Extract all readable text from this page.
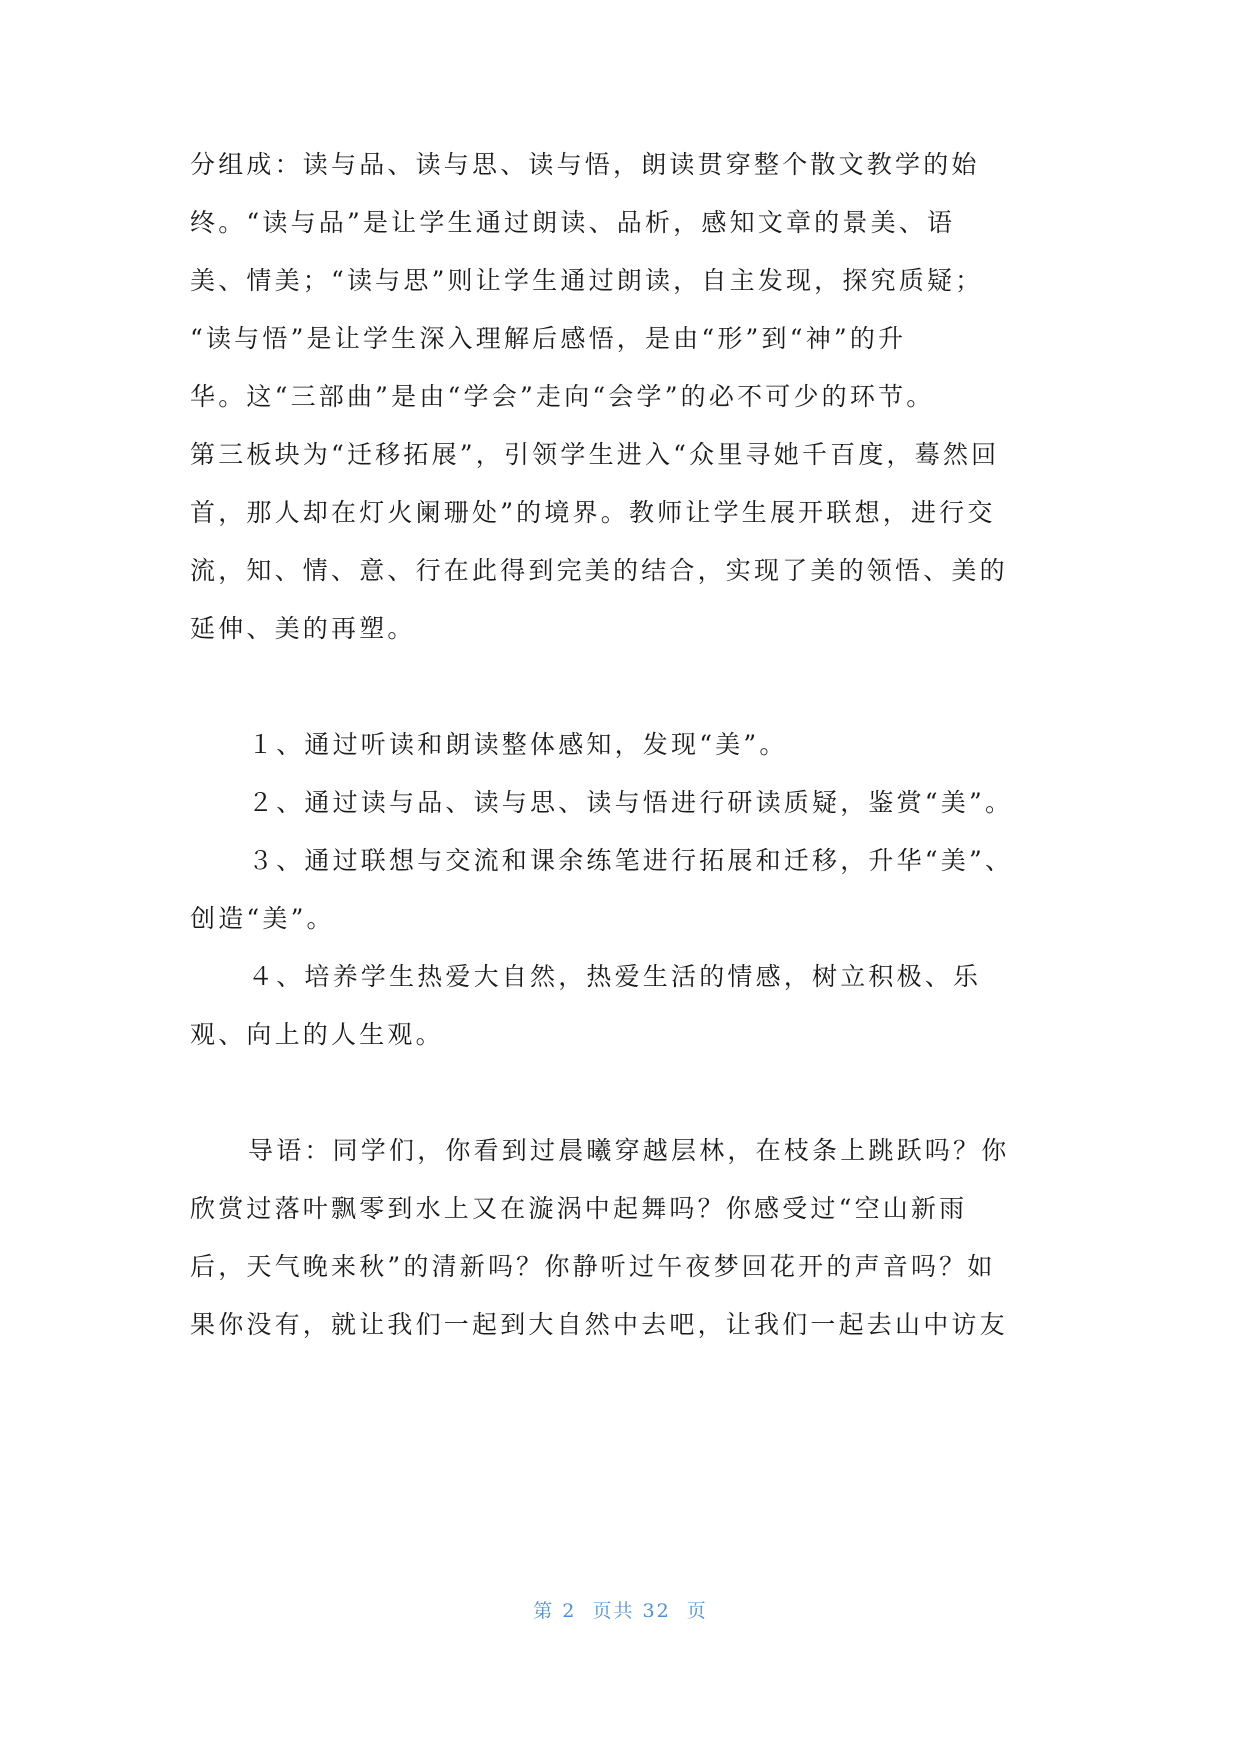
分组成：读与品、读与思、读与悟，朗读贯穿整个散文教学的始
终。“读与品”是让学生通过朗读、品析，感知文章的景美、语
美、情美；“读与思”则让学生通过朗读，自主发现，探究质疑；
“读与悟”是让学生深入理解后感悟，是由“形”到“神”的升
华。这“三部曲”是由“学会”走向“会学”的必不可少的环节。
第三板块为“迁移拓展”，引领学生进入“众里寻她千百度，蓦然回
首，那人却在灯火阑珊处”的境界。教师让学生展开联想，进行交
流，知、情、意、行在此得到完美的结合，实现了美的领悟、美的
延伸、美的再塑。
１、通过听读和朗读整体感知，发现“美”。
２、通过读与品、读与思、读与悟进行研读质疑，鉴赏“美”。
３、通过联想与交流和课余练笔进行拓展和迁移，升华“美”、
创造“美”。
４、培养学生热爱大自然，热爱生活的情感，树立积极、乐
观、向上的人生观。
导语：同学们，你看到过晨曦穿越层林，在枝条上跳跃吗？你
欣赏过落叶飘零到水上又在漩涡中起舞吗？你感受过“空山新雨
后，天气晚来秋”的清新吗？你静听过午夜梦回花开的声音吗？如
果你没有，就让我们一起到大自然中去吧，让我们一起去山中访友
第 2  页共 32  页
